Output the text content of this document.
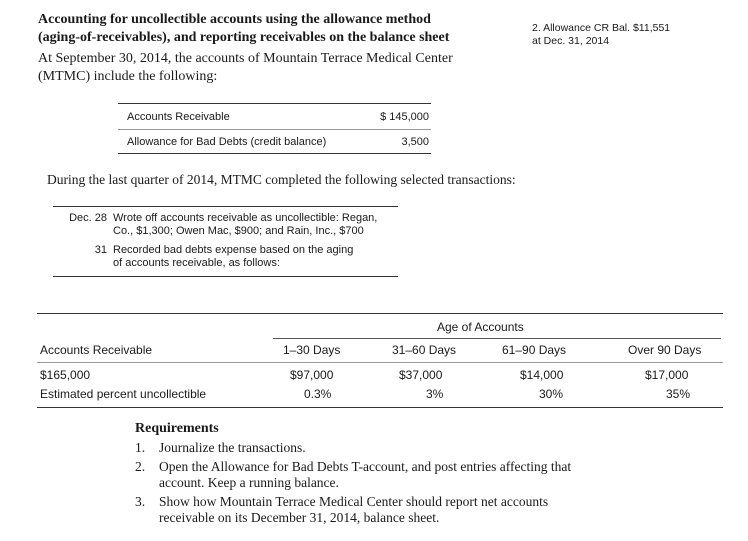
Accounting for uncollectible accounts using the allowance method
(aging-of-receivables), and reporting receivables on the balance sheet
At September 30, 2014, the accounts of Mountain Terrace Medical Center
(MTMC) include the following:
2. Allowance CR Bal. $11,551
at Dec. 31, 2014
Accounts Receivable	$ 145,000
Allowance for Bad Debts (credit balance)	3,500
During the last quarter of 2014, MTMC completed the following selected transactions:
Dec. 28 Wrote off accounts receivable as uncollectible: Regan,
Co., $1,300; Owen Mac, $900; and Rain, Inc., $700
31 Recorded bad debts expense based on the aging
of accounts receivable, as follows:
Age of Accounts
Accounts Receivable	1–30 Days	31–60 Days	61–90 Days	Over 90 Days
$165,000	$97,000	$37,000	$14,000	$17,000
Estimated percent uncollectible	0.3%	3%	30%	35%
Requirements
1.	Journalize the transactions.
2.	Open the Allowance for Bad Debts T-account, and post entries affecting that
account. Keep a running balance.
3.	Show how Mountain Terrace Medical Center should report net accounts
receivable on its December 31, 2014, balance sheet.
